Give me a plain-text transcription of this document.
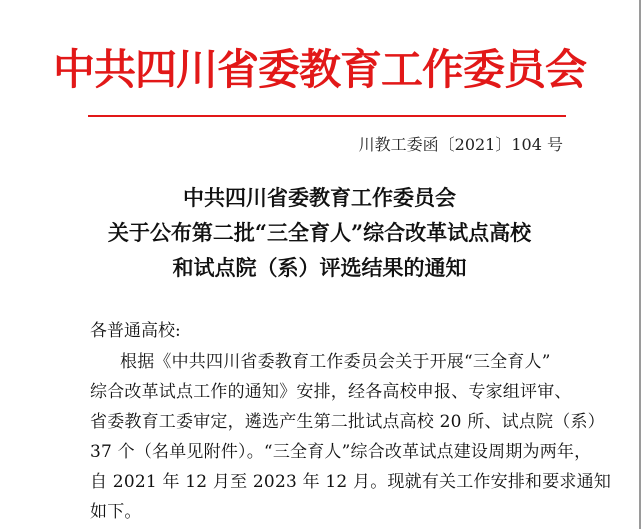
中共四川省委教育工作委员会
川教工委函〔2021〕104 号
中共四川省委教育工作委员会
关于公布第二批“三全育人”综合改革试点高校
和试点院（系）评选结果的通知
各普通高校:
根据《中共四川省委教育工作委员会关于开展“三全育人”
综合改革试点工作的通知》安排，经各高校申报、专家组评审、
省委教育工委审定，遴选产生第二批试点高校 20 所、试点院（系）
37 个（名单见附件）。“三全育人”综合改革试点建设周期为两年，
自 2021 年 12 月至 2023 年 12 月。现就有关工作安排和要求通知
如下。
